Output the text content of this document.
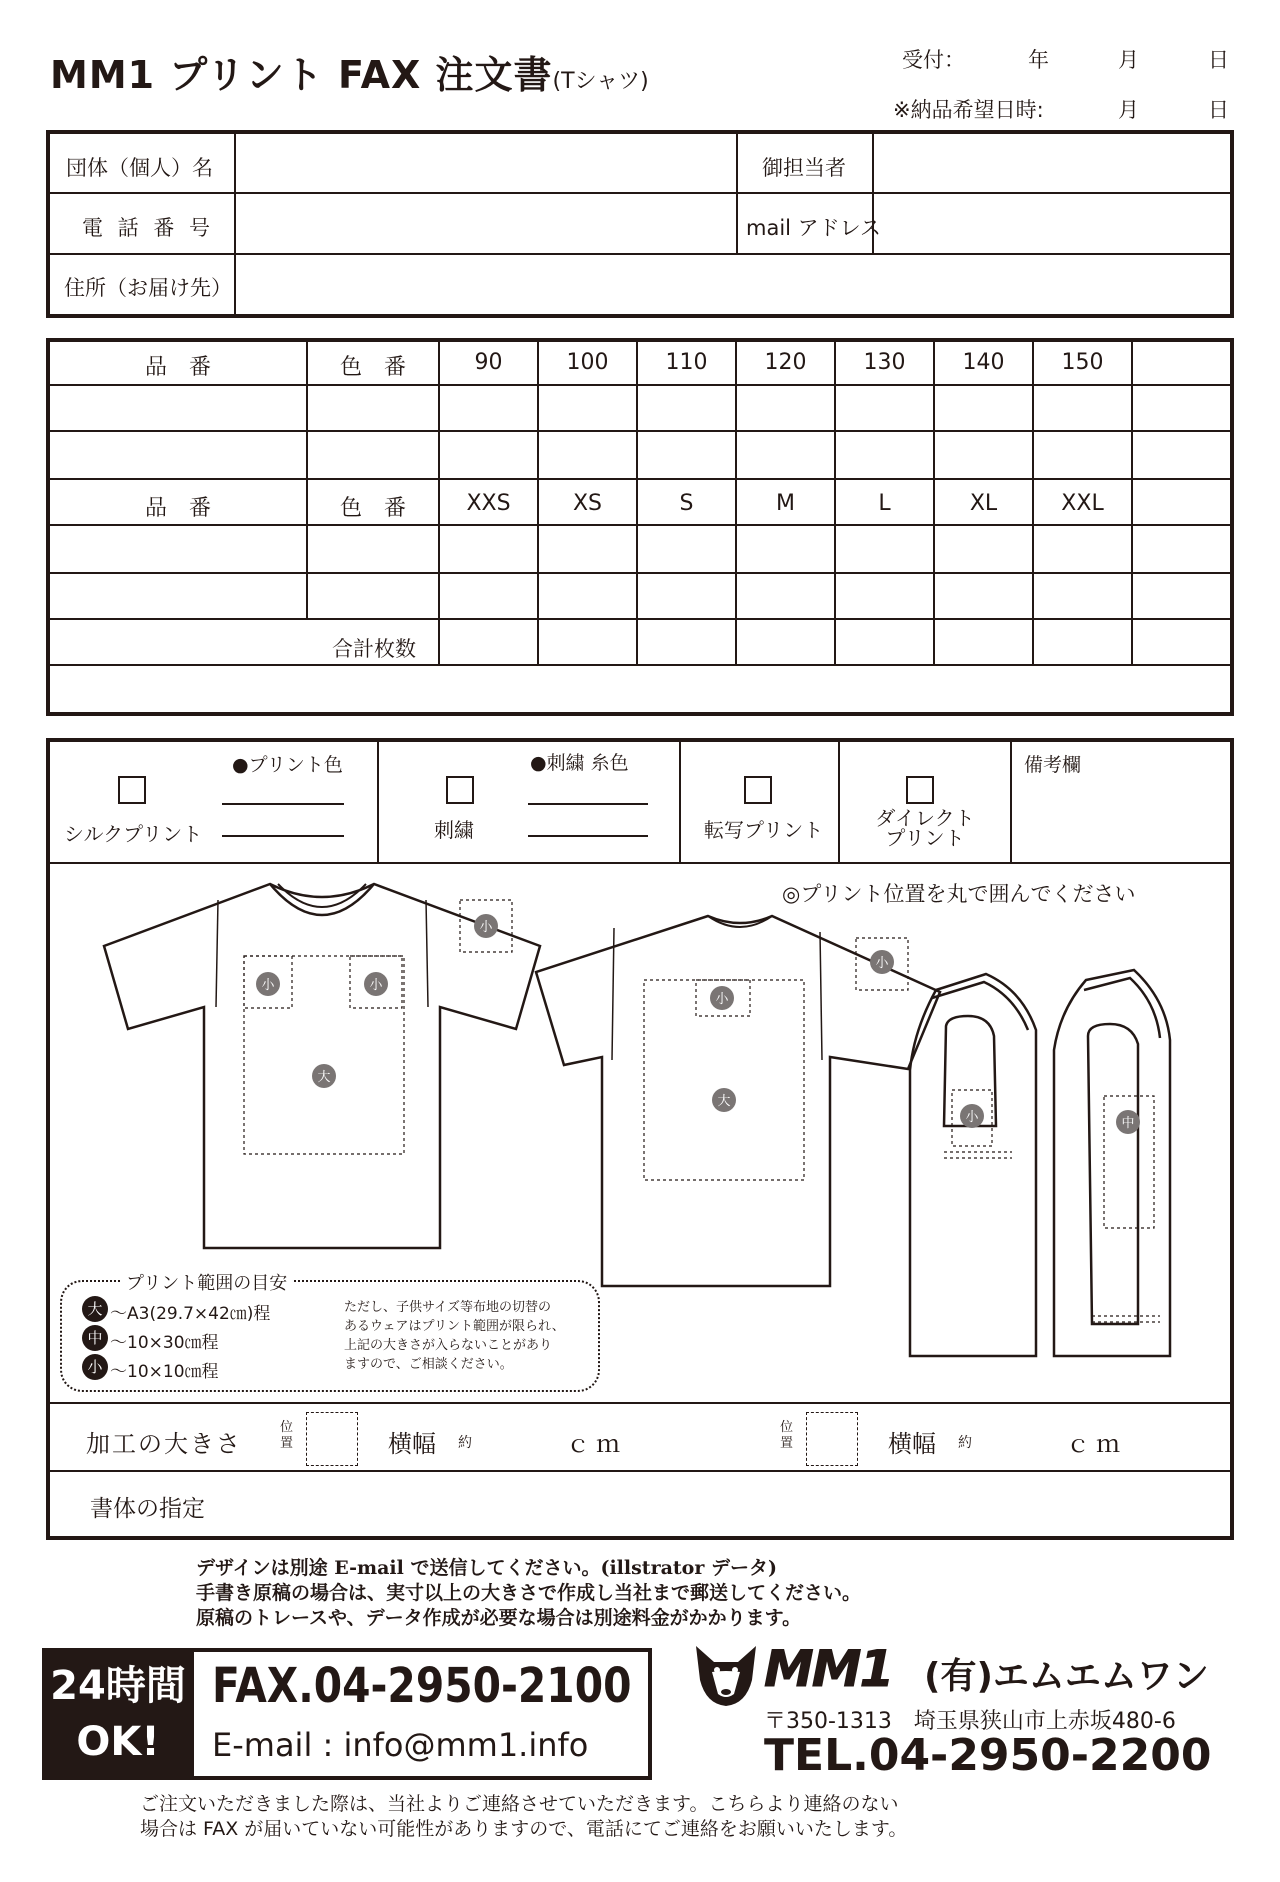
MM1 プリント FAX 注文書(Tシャツ)
受付：	年	月	日
※納品希望日時:	月	日
団体（個人）名	御担当者
電 話 番 号	mail アドレス
住所（お届け先）
品　番	色　番	90	100	110	120	130	140	150
品　番	色　番	XXS	XS	S	M	L	XL	XXL
合計枚数
●プリント色
シルクプリント
●刺繍 糸色
刺繍	転写プリント	ダイレクト
プリント
備考欄
◎プリント位置を丸で囲んでください
小	小
小
大
小
小
大
小	中
プリント範囲の目安
大 ～A3(29.7×42㎝)程
中 ～10×30㎝程
小 ～10×10㎝程
ただし、子供サイズ等布地の切替の
あるウェアはプリント範囲が限られ、
上記の大きさが入らないことがあり
ますので、ご相談ください。
加工の大きさ
位
置	横幅 約	ｃｍ
位
置	横幅 約	ｃｍ
書体の指定
デザインは別途 E-mail で送信してください。(illstrator データ)
手書き原稿の場合は、実寸以上の大きさで作成し当社まで郵送してください。
原稿のトレースや、データ作成が必要な場合は別途料金がかかります。
24時間
OK!
FAX.04-2950-2100
E-mail : info@mm1.info
MM1 (有)エムエムワン
〒350-1313　埼玉県狭山市上赤坂480-6
TEL.04-2950-2200
ご注文いただきました際は、当社よりご連絡させていただきます。こちらより連絡のない
場合は FAX が届いていない可能性がありますので、電話にてご連絡をお願いいたします。
